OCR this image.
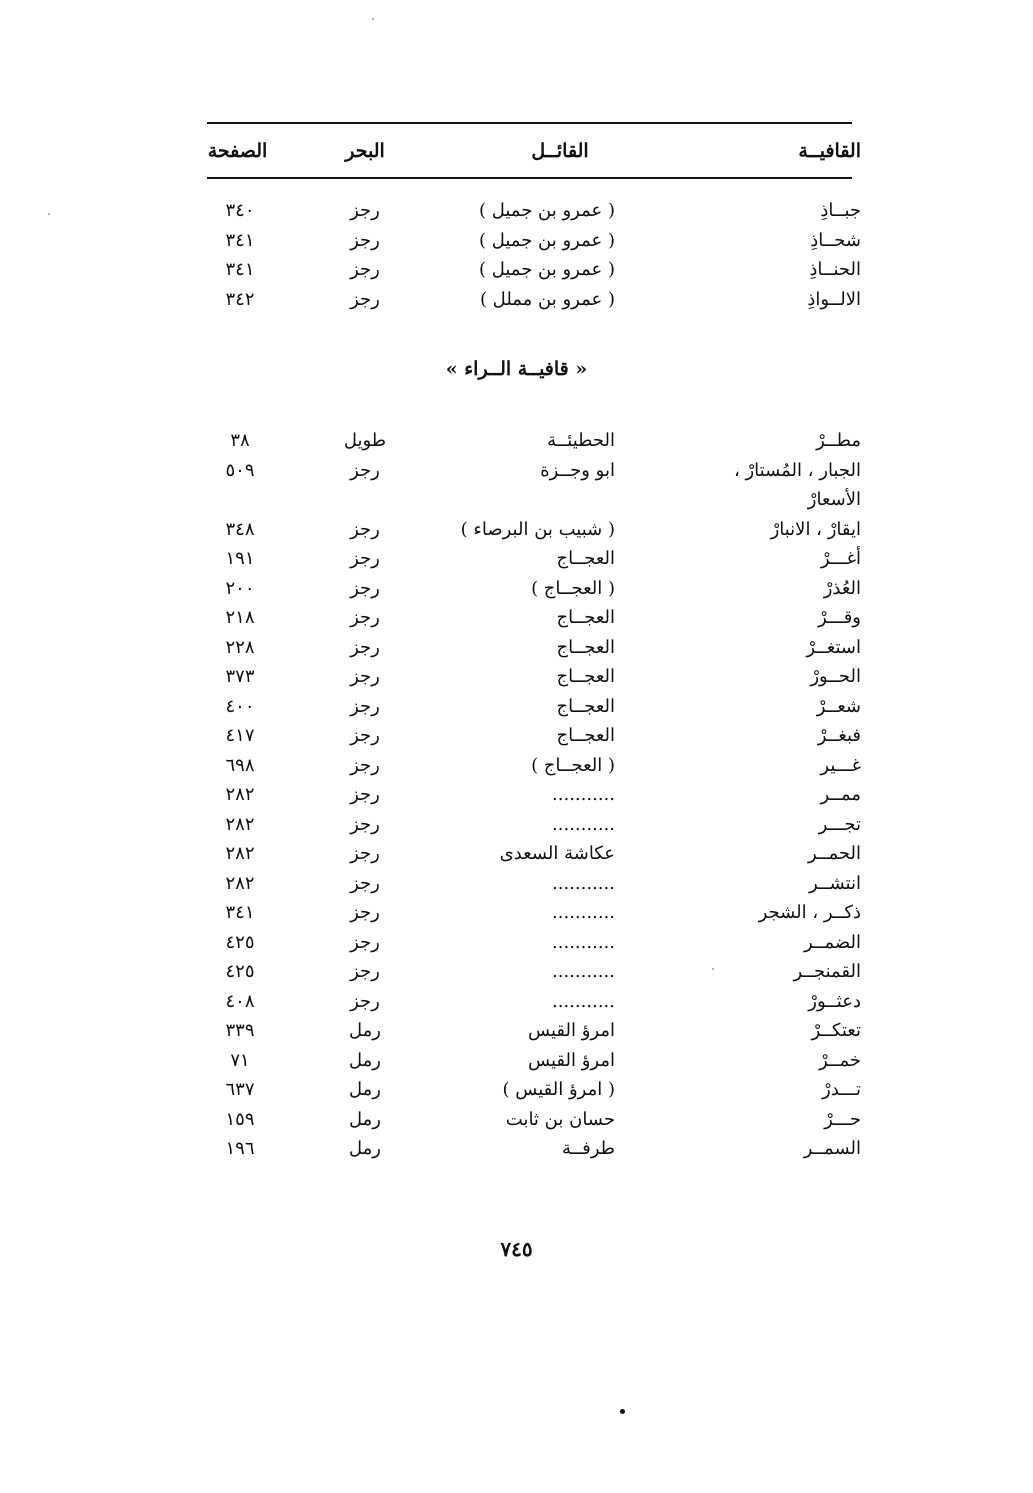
القافيــة
القائــل
البحر
الصفحة
جبــاذِ
( عمرو بن جميل )
رجز
٣٤٠
شحــاذِ
( عمرو بن جميل )
رجز
٣٤١
الحنــاذِ
( عمرو بن جميل )
رجز
٣٤١
الالــواذِ
( عمرو بن مملل )
رجز
٣٤٢
« قافيــة الــراء »
مطــرْ
الحطيئــة
طويل
٣٨
الجبار ، المُستارْ ،
ابو وجــزة
رجز
٥٠٩
الأسعارْ
ايقارْ ، الانبارْ
( شبيب بن البرصاء )
رجز
٣٤٨
أغـــرْ
العجــاج
رجز
١٩١
العُذرْ
( العجــاج )
رجز
٢٠٠
وقـــرْ
العجــاج
رجز
٢١٨
استغــرْ
العجــاج
رجز
٢٢٨
الحــورْ
العجــاج
رجز
٣٧٣
شعــرْ
العجــاج
رجز
٤٠٠
فبغــرْ
العجــاج
رجز
٤١٧
غـــير
( العجــاج )
رجز
٦٩٨
ممــر
...........
رجز
٢٨٢
تجـــر
...........
رجز
٢٨٢
الحمــر
عكاشة السعدى
رجز
٢٨٢
انتشــر
...........
رجز
٢٨٢
ذكــر ، الشجر
...........
رجز
٣٤١
الضمــر
...........
رجز
٤٢٥
القمنجــر
...........
رجز
٤٢٥
دعثــورْ
...........
رجز
٤٠٨
تعتكــرْ
امرؤ القيس
رمل
٣٣٩
خمــرْ
امرؤ القيس
رمل
٧١
تـــدرْ
( امرؤ القيس )
رمل
٦٣٧
حـــرْ
حسان بن ثابت
رمل
١٥٩
السمــر
طرفــة
رمل
١٩٦
٧٤٥
